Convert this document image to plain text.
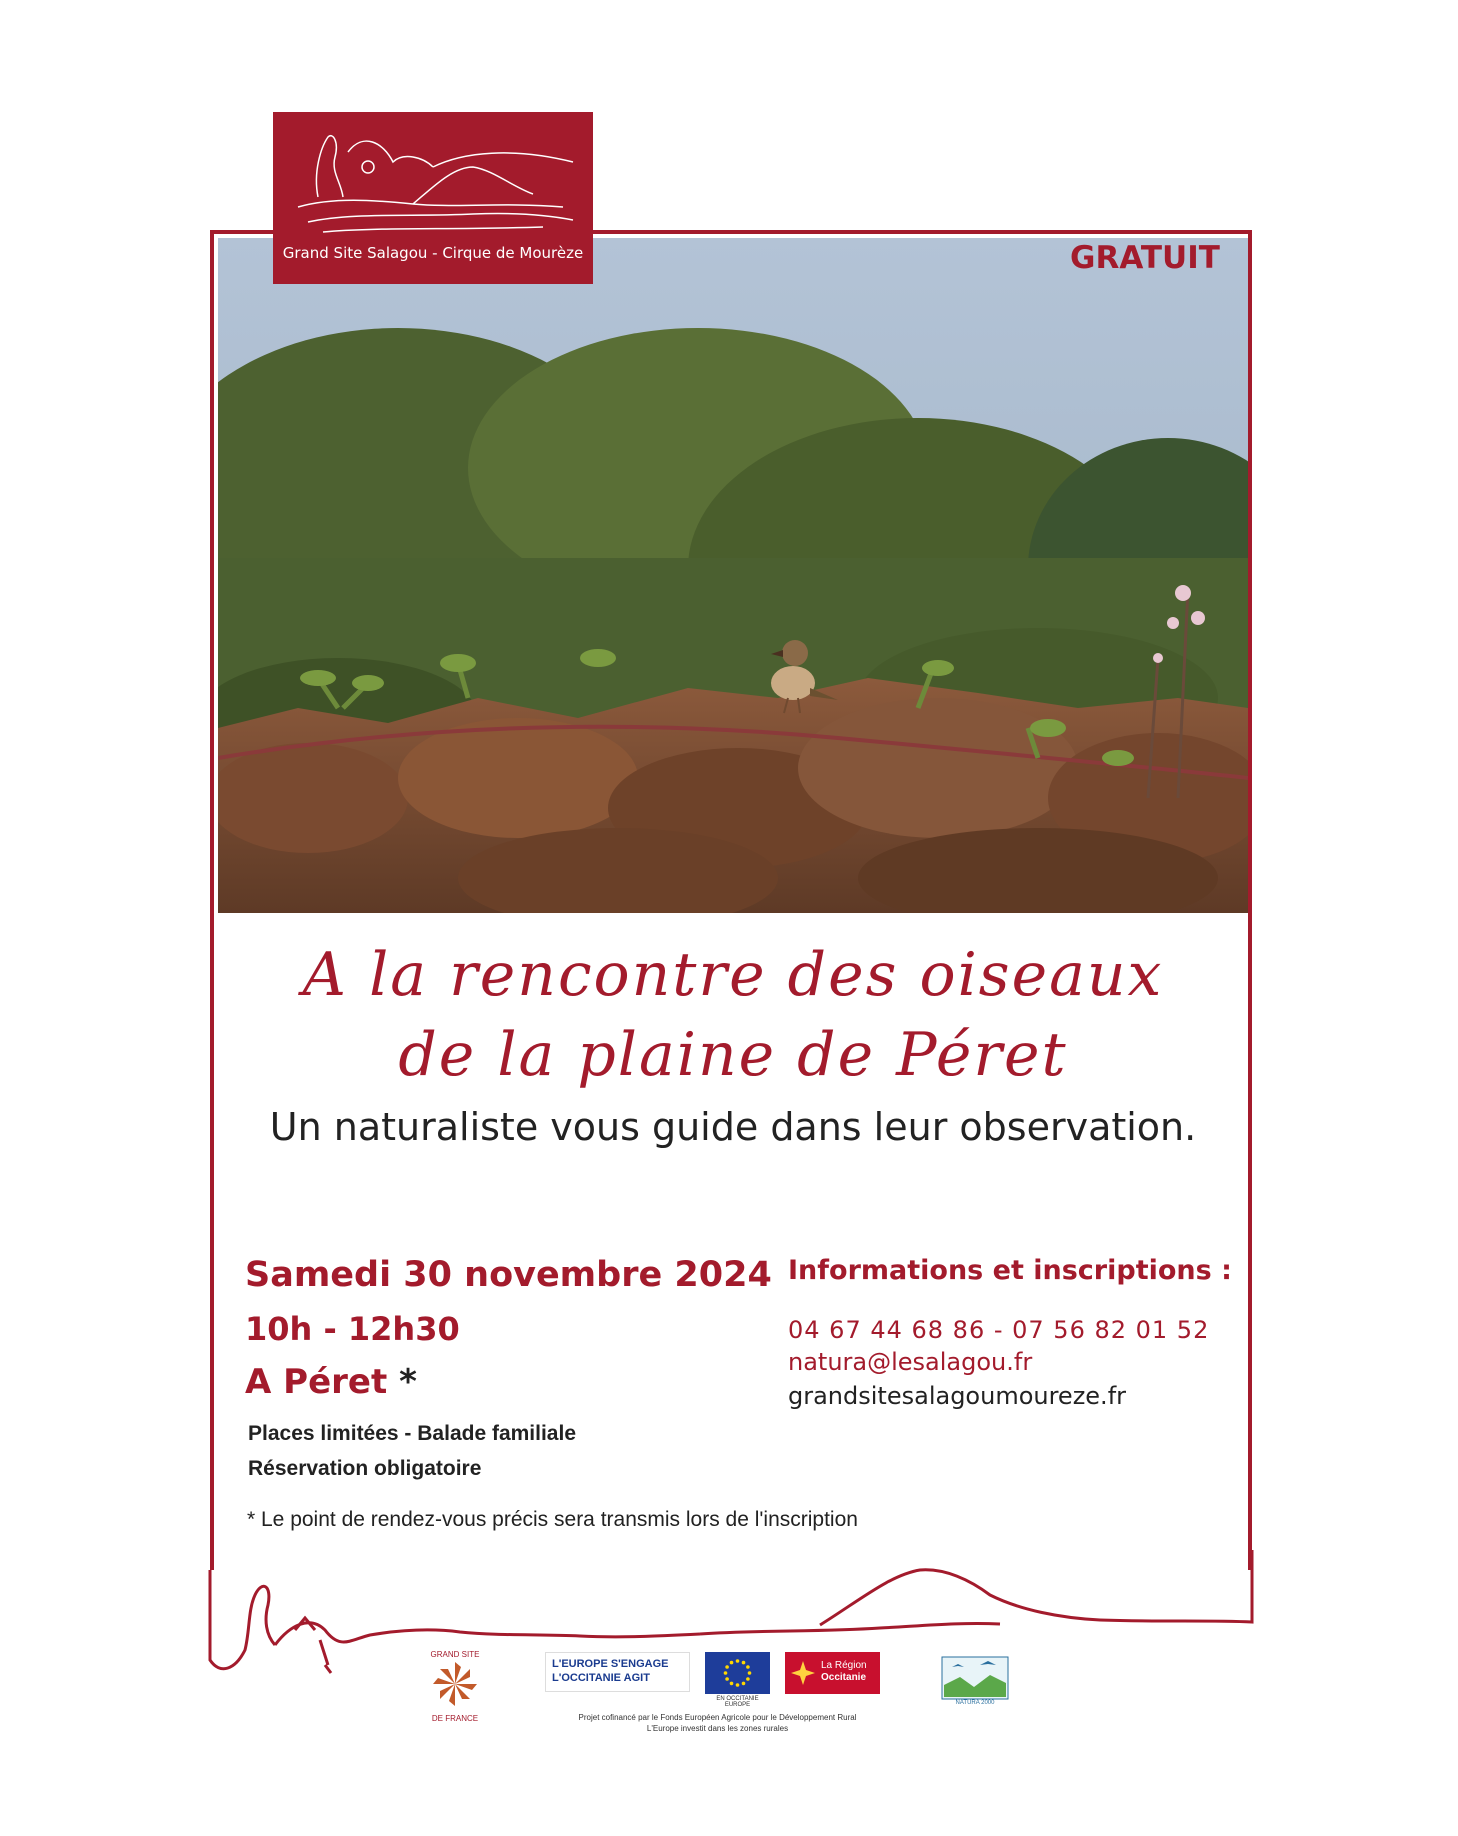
Grand Site Salagou - Cirque de Mourèze	GRATUIT
A la rencontre des oiseaux
de la plaine de Péret
Un naturaliste vous guide dans leur observation.
Samedi 30 novembre 2024
10h - 12h30
A Péret *
Places limitées - Balade familiale
Réservation obligatoire
* Le point de rendez-vous précis sera transmis lors de l'inscription
Informations et inscriptions :
04 67 44 68 86 - 07 56 82 01 52
natura@lesalagou.fr
grandsitesalagoumoureze.fr
GRAND SITE
DE FRANCE
L'EUROPE S'ENGAGE
L'OCCITANIE AGIT
EN OCCITANIE EUROPE
La Région
Occitanie
Projet cofinancé par le Fonds Européen Agricole pour le Développement Rural
L'Europe investit dans les zones rurales
NATURA 2000
